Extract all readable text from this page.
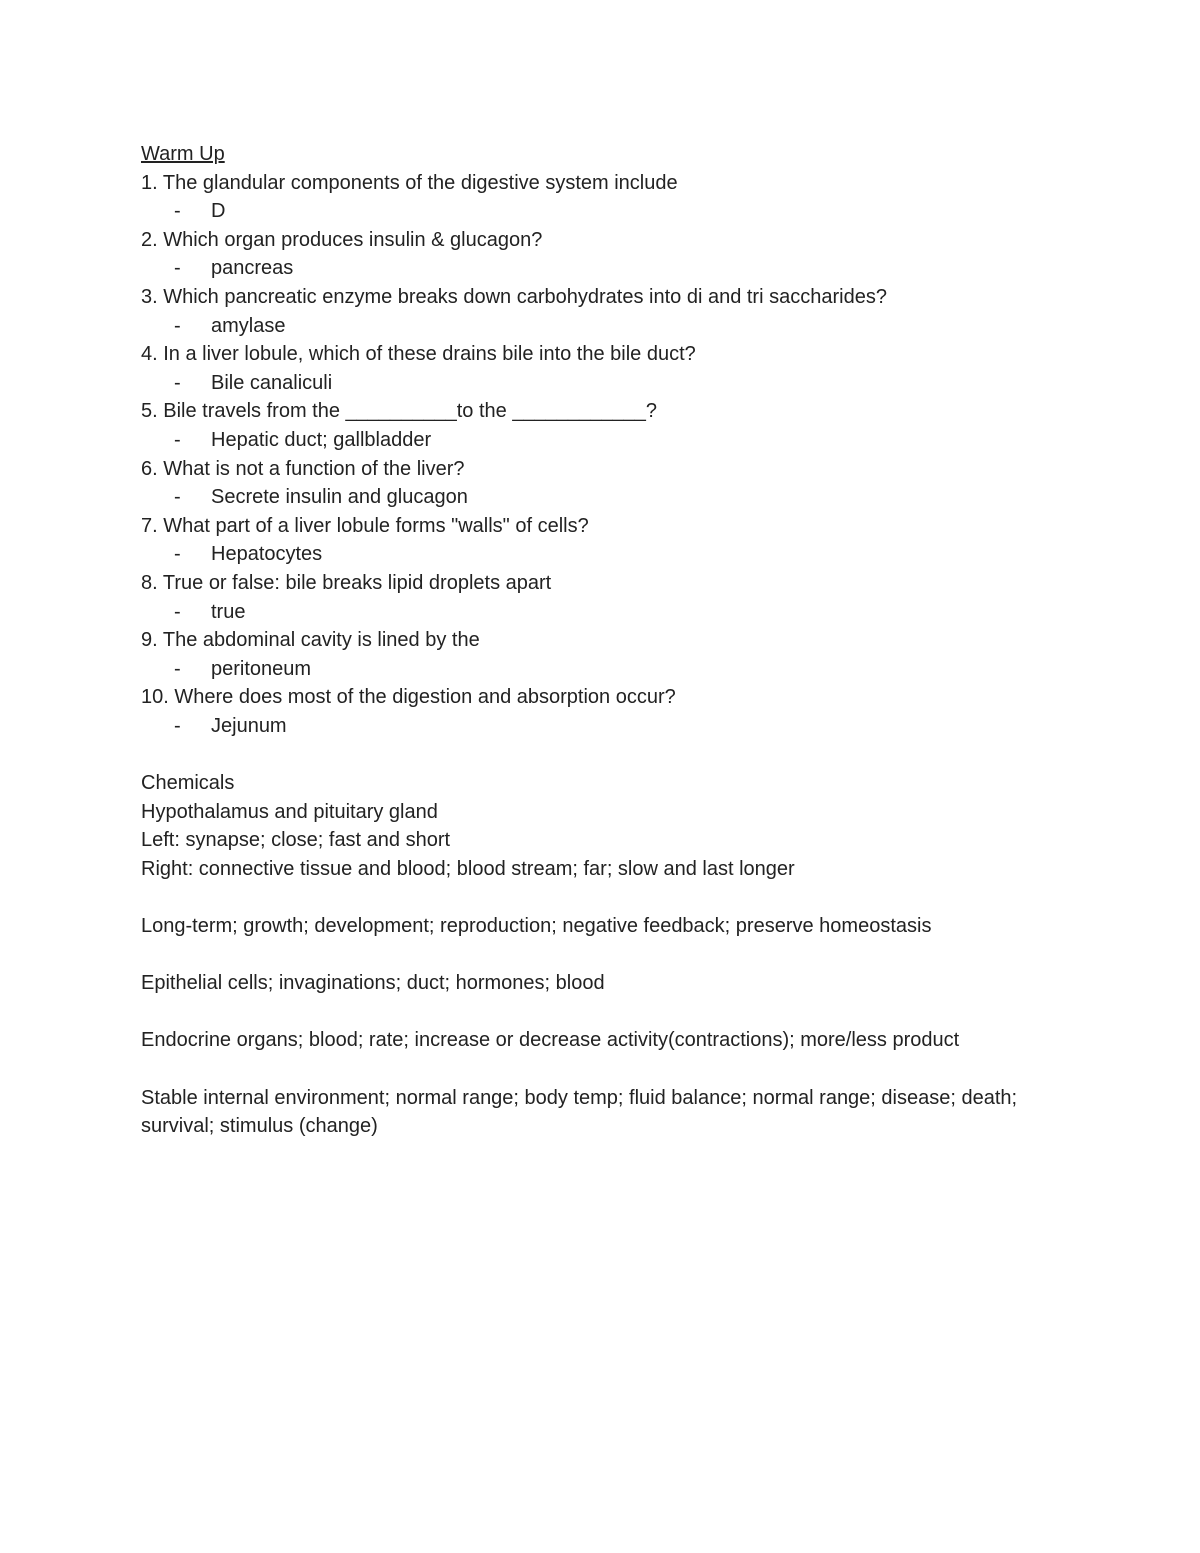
Warm Up
1. The glandular components of the digestive system include
- D
2. Which organ produces insulin & glucagon?
- pancreas
3. Which pancreatic enzyme breaks down carbohydrates into di and tri saccharides?
- amylase
4. In a liver lobule, which of these drains bile into the bile duct?
- Bile canaliculi
5. Bile travels from the __________to the ____________?
- Hepatic duct; gallbladder
6. What is not a function of the liver?
- Secrete insulin and glucagon
7. What part of a liver lobule forms "walls" of cells?
- Hepatocytes
8. True or false: bile breaks lipid droplets apart
- true
9. The abdominal cavity is lined by the
- peritoneum
10. Where does most of the digestion and absorption occur?
- Jejunum
Chemicals
Hypothalamus and pituitary gland
Left: synapse; close; fast and short
Right: connective tissue and blood; blood stream; far; slow and last longer
Long-term; growth; development; reproduction; negative feedback; preserve homeostasis
Epithelial cells; invaginations; duct; hormones; blood
Endocrine organs; blood; rate; increase or decrease activity(contractions); more/less product
Stable internal environment; normal range; body temp; fluid balance; normal range; disease; death; survival; stimulus (change)
